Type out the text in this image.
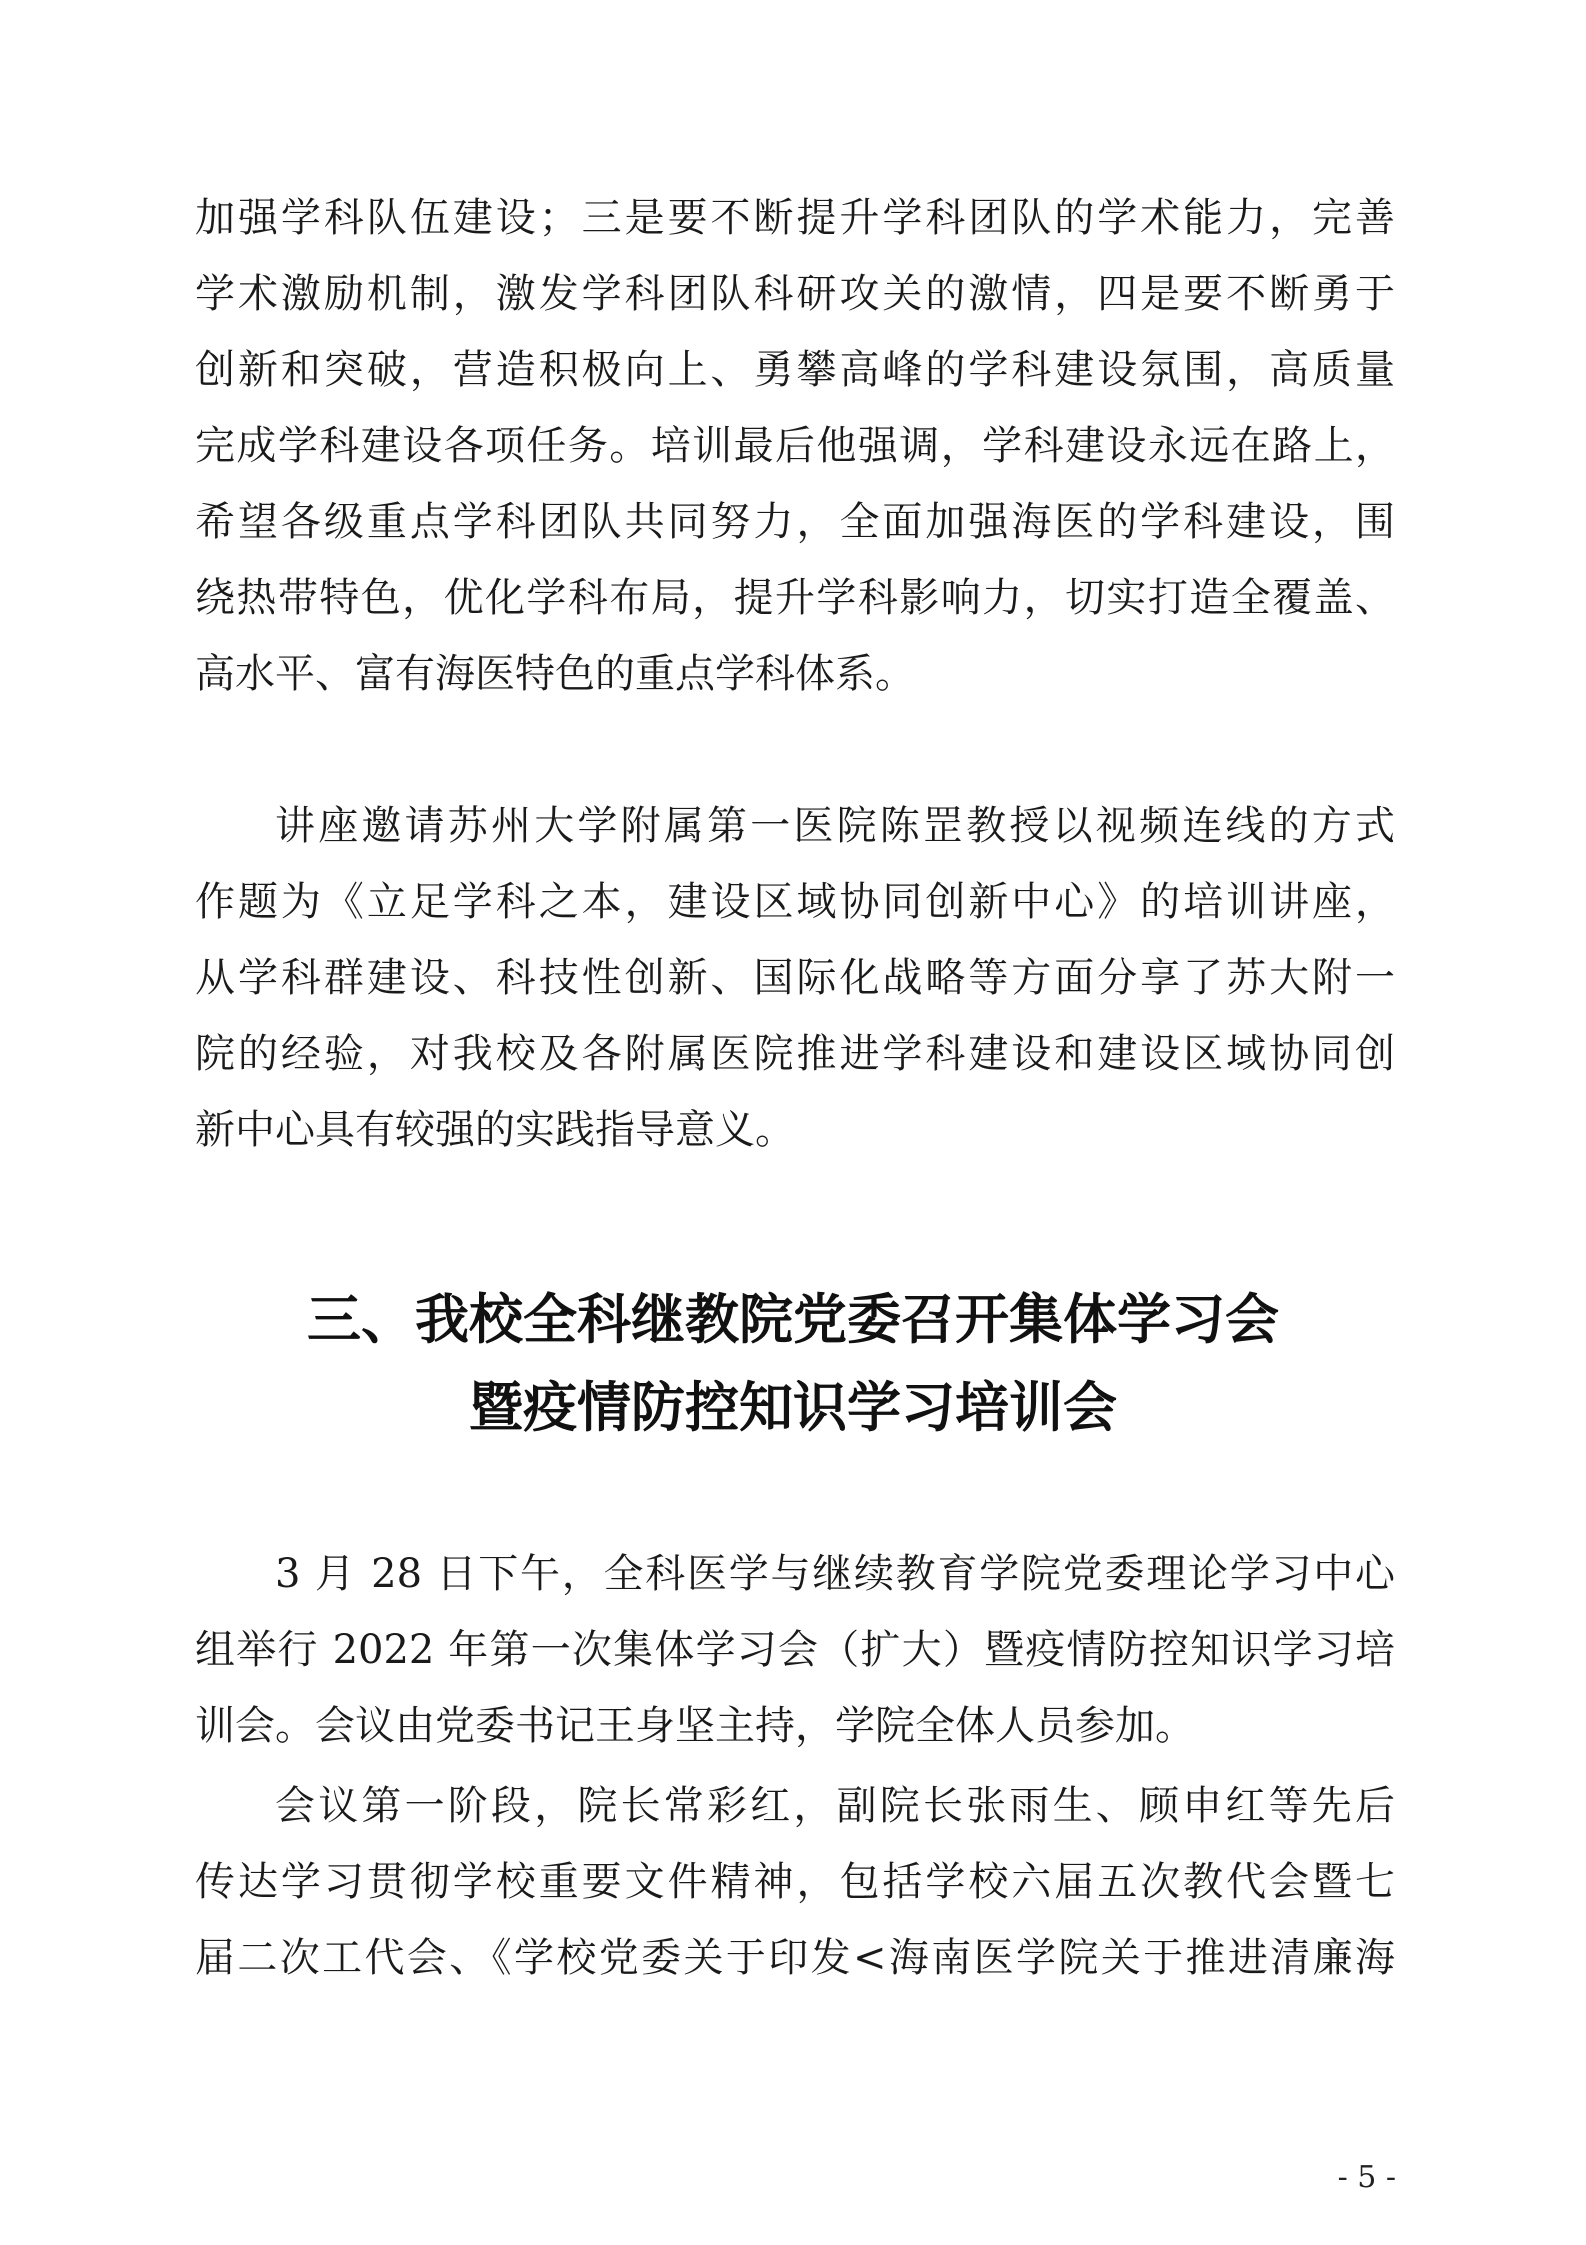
加强学科队伍建设；三是要不断提升学科团队的学术能力，完善
学术激励机制，激发学科团队科研攻关的激情，四是要不断勇于
创新和突破，营造积极向上、勇攀高峰的学科建设氛围，高质量
完成学科建设各项任务。培训最后他强调，学科建设永远在路上，
希望各级重点学科团队共同努力，全面加强海医的学科建设，围
绕热带特色，优化学科布局，提升学科影响力，切实打造全覆盖、
高水平、富有海医特色的重点学科体系。
讲座邀请苏州大学附属第一医院陈罡教授以视频连线的方式
作题为《立足学科之本，建设区域协同创新中心》的培训讲座，
从学科群建设、科技性创新、国际化战略等方面分享了苏大附一
院的经验，对我校及各附属医院推进学科建设和建设区域协同创
新中心具有较强的实践指导意义。
三、我校全科继教院党委召开集体学习会
暨疫情防控知识学习培训会
3 月 28 日下午，全科医学与继续教育学院党委理论学习中心
组举行 2022 年第一次集体学习会（扩大）暨疫情防控知识学习培
训会。会议由党委书记王身坚主持，学院全体人员参加。
会议第一阶段，院长常彩红，副院长张雨生、顾申红等先后
传达学习贯彻学校重要文件精神，包括学校六届五次教代会暨七
届二次工代会、《学校党委关于印发<海南医学院关于推进清廉海
- 5 -
